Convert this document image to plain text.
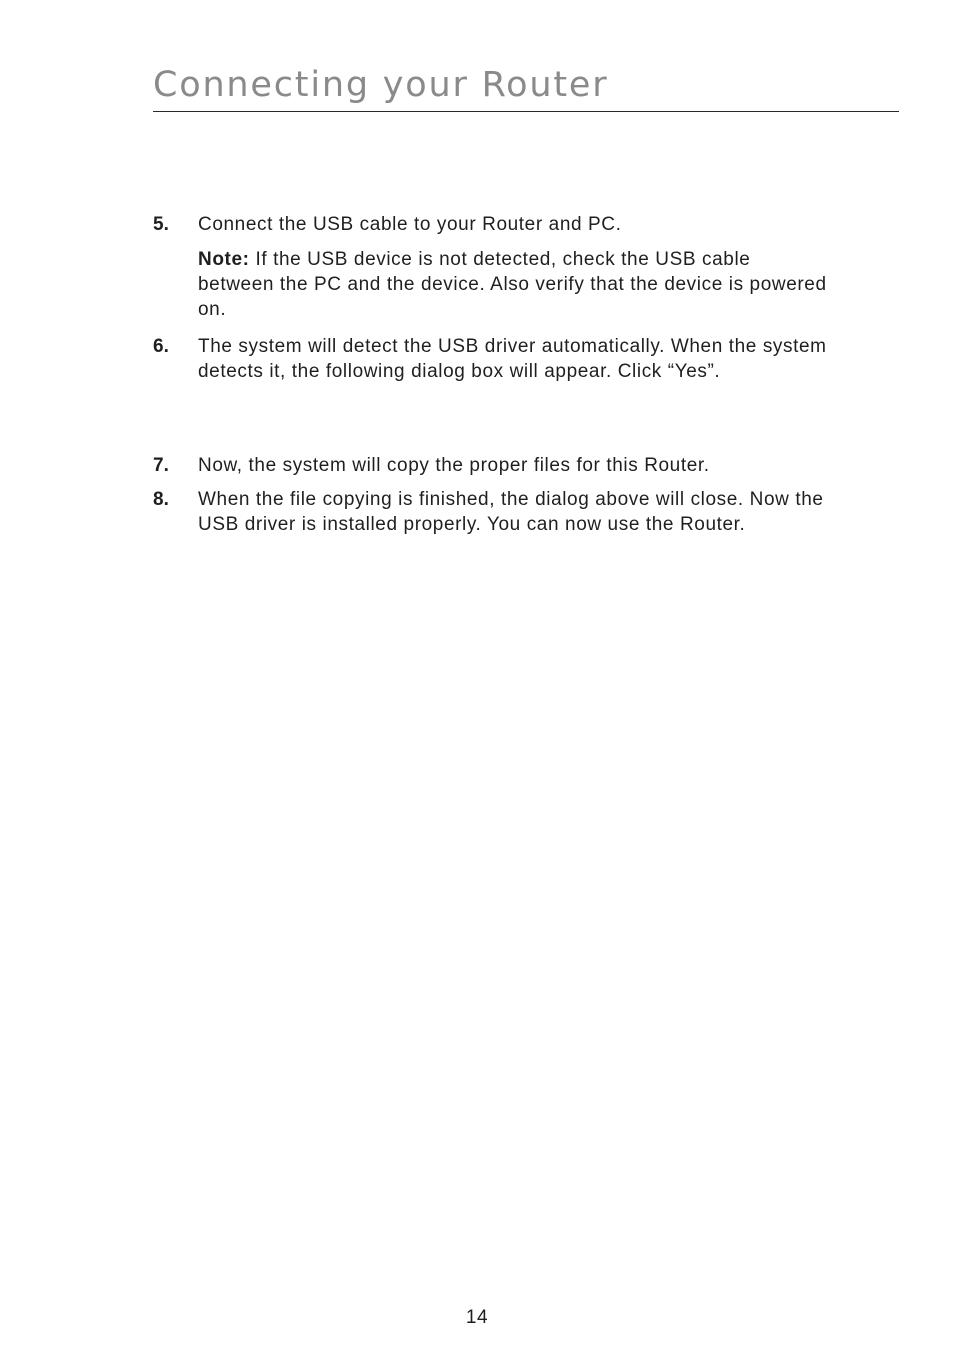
Connecting your Router
5. Connect the USB cable to your Router and PC.

Note: If the USB device is not detected, check the USB cable between the PC and the device. Also verify that the device is powered on.

6. The system will detect the USB driver automatically. When the system detects it, the following dialog box will appear. Click “Yes”.

7. Now, the system will copy the proper files for this Router.

8. When the file copying is finished, the dialog above will close. Now the USB driver is installed properly. You can now use the Router.

14
